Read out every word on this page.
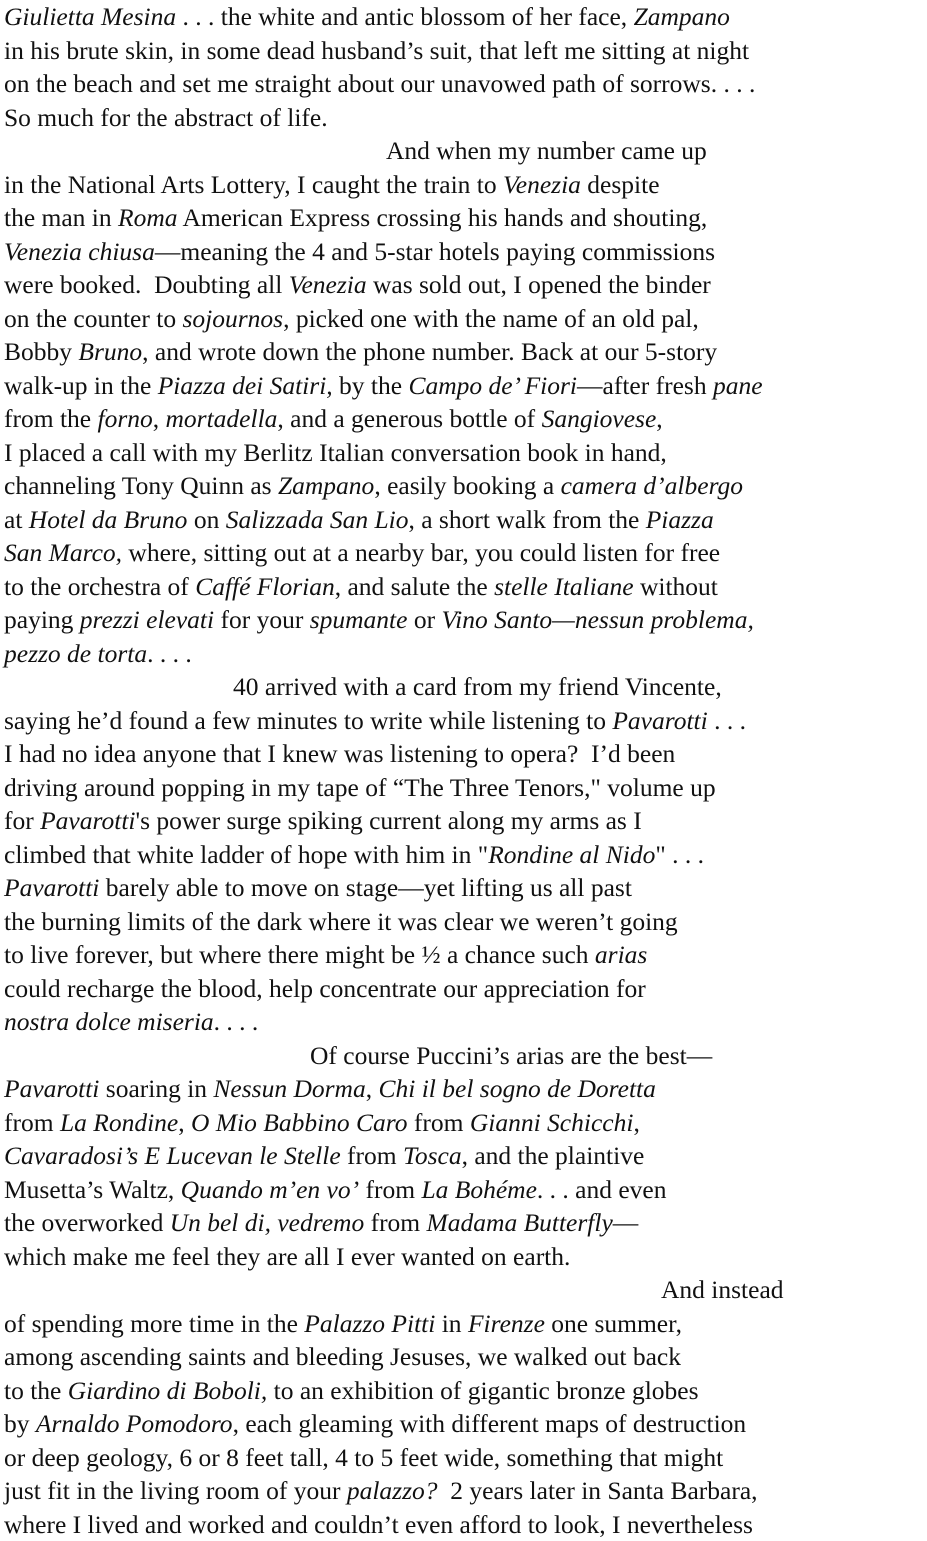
Giulietta Mesina . . . the white and antic blossom of her face, Zampano
in his brute skin, in some dead husband’s suit, that left me sitting at night
on the beach and set me straight about our unavowed path of sorrows. . . .
So much for the abstract of life.
And when my number came up
in the National Arts Lottery, I caught the train to Venezia despite
the man in Roma American Express crossing his hands and shouting,
Venezia chiusa—meaning the 4 and 5-star hotels paying commissions
were booked.  Doubting all Venezia was sold out, I opened the binder
on the counter to sojournos, picked one with the name of an old pal,
Bobby Bruno, and wrote down the phone number. Back at our 5-story
walk-up in the Piazza dei Satiri, by the Campo de’ Fiori—after fresh pane
from the forno, mortadella, and a generous bottle of Sangiovese,
I placed a call with my Berlitz Italian conversation book in hand,
channeling Tony Quinn as Zampano, easily booking a camera d’albergo
at Hotel da Bruno on Salizzada San Lio, a short walk from the Piazza
San Marco, where, sitting out at a nearby bar, you could listen for free
to the orchestra of Caffé Florian, and salute the stelle Italiane without
paying prezzi elevati for your spumante or Vino Santo—nessun problema,
pezzo de torta. . . .
40 arrived with a card from my friend Vincente,
saying he’d found a few minutes to write while listening to Pavarotti . . .
I had no idea anyone that I knew was listening to opera?  I’d been
driving around popping in my tape of “The Three Tenors," volume up
for Pavarotti's power surge spiking current along my arms as I
climbed that white ladder of hope with him in "Rondine al Nido" . . .
Pavarotti barely able to move on stage—yet lifting us all past
the burning limits of the dark where it was clear we weren’t going
to live forever, but where there might be ½ a chance such arias
could recharge the blood, help concentrate our appreciation for
nostra dolce miseria. . . .
Of course Puccini’s arias are the best—
Pavarotti soaring in Nessun Dorma, Chi il bel sogno de Doretta
from La Rondine, O Mio Babbino Caro from Gianni Schicchi,
Cavaradosi’s E Lucevan le Stelle from Tosca, and the plaintive
Musetta’s Waltz, Quando m’en vo’ from La Bohéme. . . and even
the overworked Un bel di, vedremo from Madama Butterfly—
which make me feel they are all I ever wanted on earth.
And instead
of spending more time in the Palazzo Pitti in Firenze one summer,
among ascending saints and bleeding Jesuses, we walked out back
to the Giardino di Boboli, to an exhibition of gigantic bronze globes
by Arnaldo Pomodoro, each gleaming with different maps of destruction
or deep geology, 6 or 8 feet tall, 4 to 5 feet wide, something that might
just fit in the living room of your palazzo?  2 years later in Santa Barbara,
where I lived and worked and couldn’t even afford to look, I nevertheless
